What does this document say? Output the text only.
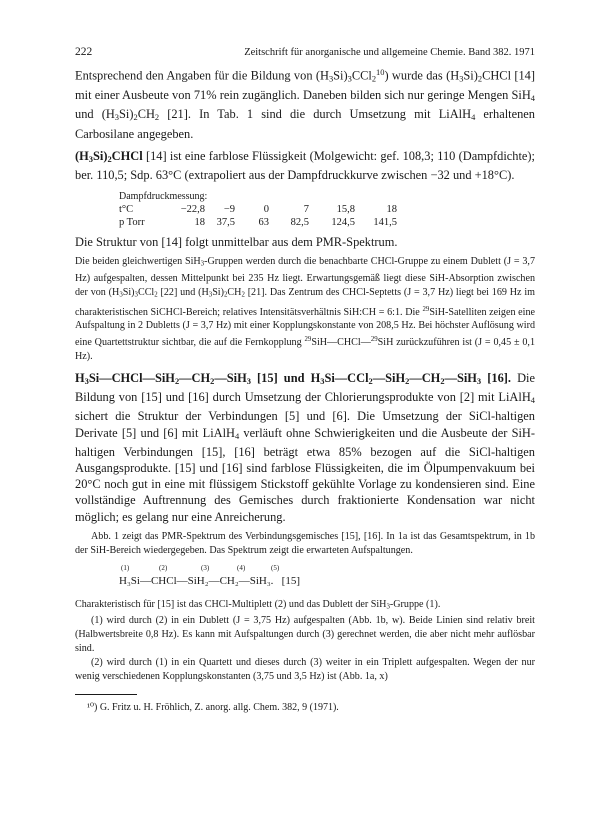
222	Zeitschrift für anorganische und allgemeine Chemie. Band 382. 1971

Entsprechend den Angaben für die Bildung von $(H_3Si)_3CCl_2^{10}$) wurde das $(H_3Si)_2CHCl$ [14] mit einer Ausbeute von 71% rein zugänglich. Daneben bilden sich nur geringe Mengen SiH$_4$ und $(H_3Si)_2CH_2$ [21]. In Tab. 1 sind die durch Umsetzung mit LiAlH$_4$ erhaltenen Carbosilane angegeben.

$(H_3Si)_2CHCl$ [14] ist eine farblose Flüssigkeit (Molgewicht: gef. 108,3; 110 (Dampfdichte); ber. 110,5; Sdp. 63°C (extrapoliert aus der Dampfdruckkurve zwischen −32 und +18°C).

Dampfdruckmessung:
t°C	−22,8	−9	0	7	15,8	18
p Torr	18	37,5	63	82,5	124,5	141,5

Die Struktur von [14] folgt unmittelbar aus dem PMR-Spektrum.

Die beiden gleichwertigen SiH$_3$-Gruppen werden durch die benachbarte CHCl-Gruppe zu einem Dublett (J = 3,7 Hz) aufgespalten, dessen Mittelpunkt bei 235 Hz liegt. Erwartungsgemäß liegt diese SiH-Absorption zwischen der von $(H_3Si)_3CCl_2$ [22] und $(H_3Si)_2CH_2$ [21]. Das Zentrum des CHCl-Septetts (J = 3,7 Hz) liegt bei 169 Hz im charakteristischen SiCHCl-Bereich; relatives Intensitätsverhältnis SiH:CH = 6:1. Die $^{29}$SiH-Satelliten zeigen eine Aufspaltung in 2 Dubletts (J = 3,7 Hz) mit einer Kopplungskonstante von 208,5 Hz. Bei höchster Auflösung wird eine Quartettstruktur sichtbar, die auf die Fernkopplung $^{29}$SiH—CHCl—$^{29}$SiH zurückzuführen ist (J = 0,45 ± 0,1 Hz).

$H_3Si—CHCl—SiH_2—CH_2—SiH_3$ [15] und $H_3Si—CCl_2—SiH_2—CH_2—SiH_3$ [16]. Die Bildung von [15] und [16] durch Umsetzung der Chlorierungsprodukte von [2] mit LiAlH$_4$ sichert die Struktur der Verbindungen [5] und [6]. Die Umsetzung der SiCl-haltigen Derivate [5] und [6] mit LiAlH$_4$ verläuft ohne Schwierigkeiten und die Ausbeute der SiH-haltigen Verbindungen [15], [16] beträgt etwa 85% bezogen auf die SiCl-haltigen Ausgangsprodukte. [15] und [16] sind farblose Flüssigkeiten, die im Ölpumpenvakuum bei 20°C noch gut in eine mit flüssigem Stickstoff gekühlte Vorlage zu kondensieren sind. Eine vollständige Auftrennung des Gemisches durch fraktionierte Kondensation war nicht möglich; es gelang nur eine Anreicherung.

Abb. 1 zeigt das PMR-Spektrum des Verbindungsgemisches [15], [16]. In 1a ist das Gesamtspektrum, in 1b der SiH-Bereich wiedergegeben. Das Spektrum zeigt die erwarteten Aufspaltungen.

(1)	(2)	(3)	(4)	(5)
H₃Si—CHCl—SiH₂—CH₂—SiH₃. [15]

Charakteristisch für [15] ist das CHCl-Multiplett (2) und das Dublett der SiH$_3$-Gruppe (1).

(1) wird durch (2) in ein Dublett (J = 3,75 Hz) aufgespalten (Abb. 1b, w). Beide Linien sind relativ breit (Halbwertsbreite 0,8 Hz). Es kann mit Aufspaltungen durch (3) gerechnet werden, die aber nicht mehr auflösbar sind.

(2) wird durch (1) in ein Quartett und dieses durch (3) weiter in ein Triplett aufgespalten. Wegen der nur wenig verschiedenen Kopplungskonstanten (3,75 und 3,5 Hz) ist (Abb. 1a, x)

¹⁰) G. Fritz u. H. Fröhlich, Z. anorg. allg. Chem. 382, 9 (1971).
